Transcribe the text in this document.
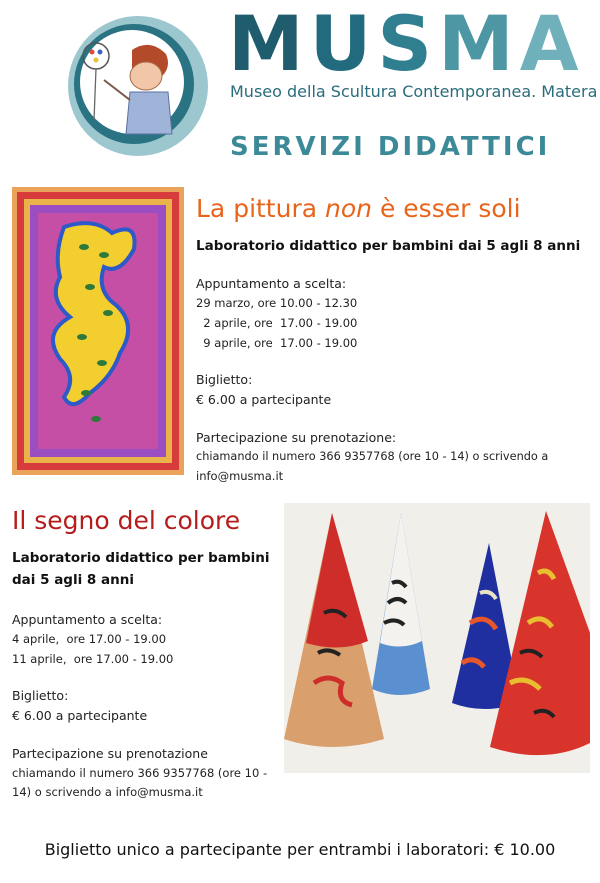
MUSMA
Museo della Scultura Contemporanea. Matera
SERVIZI DIDATTICI
La pittura non è esser soli
Laboratorio didattico per bambini dai 5 agli 8 anni
Appuntamento a scelta:
29 marzo, ore 10.00 - 12.30
2 aprile, ore  17.00 - 19.00
9 aprile, ore  17.00 - 19.00
Biglietto:
€ 6.00 a partecipante
Partecipazione su prenotazione:
chiamando il numero 366 9357768 (ore 10 - 14) o scrivendo a
info@musma.it
Il segno del colore
Laboratorio didattico per bambini
dai 5 agli 8 anni
Appuntamento a scelta:
4 aprile,  ore 17.00 - 19.00
11 aprile,  ore 17.00 - 19.00
Biglietto:
€ 6.00 a partecipante
Partecipazione su prenotazione
chiamando il numero 366 9357768 (ore 10 -
14) o scrivendo a info@musma.it
Biglietto unico a partecipante per entrambi i laboratori: € 10.00
